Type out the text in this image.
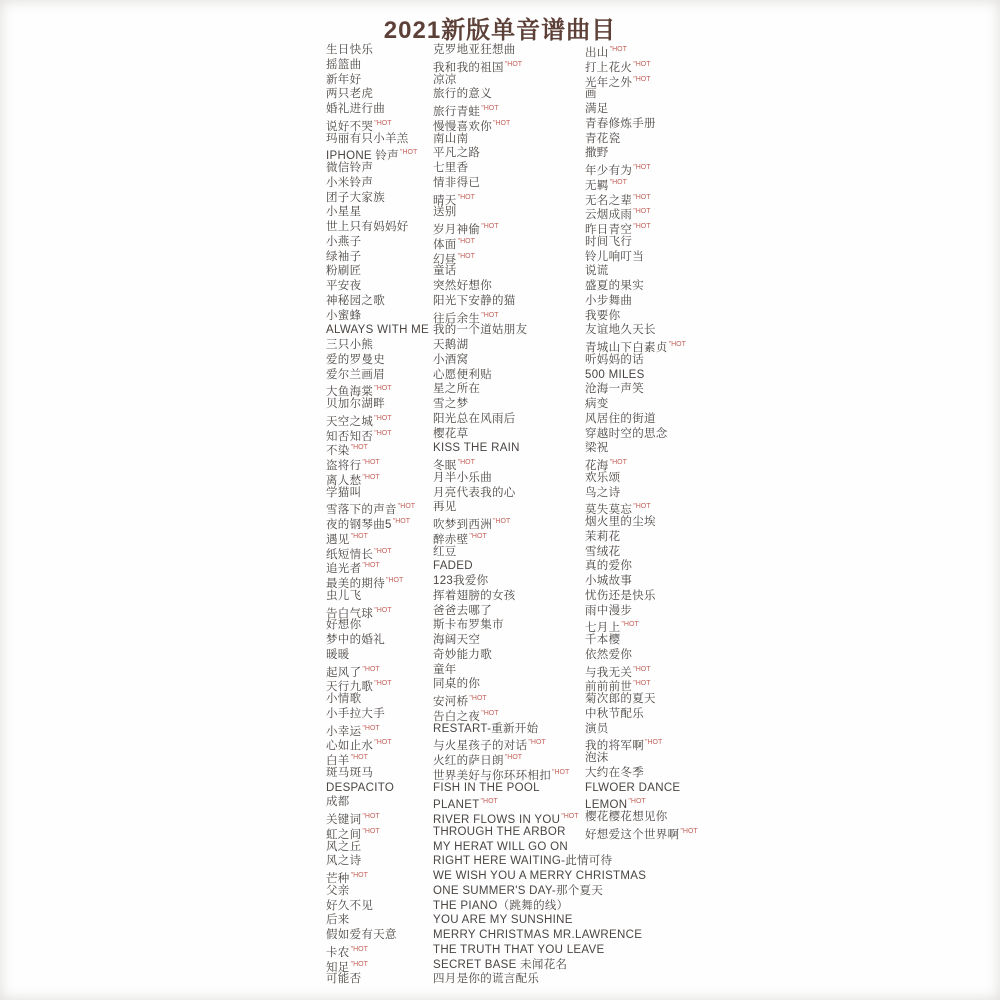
2021新版单音谱曲目
生日快乐
摇篮曲
新年好
两只老虎
婚礼进行曲
说好不哭$^{"HOT}$
玛丽有只小羊羔
IPHONE 铃声$^{"HOT}$
微信铃声
小米铃声
团子大家族
小星星
世上只有妈妈好
小燕子
绿袖子
粉刷匠
平安夜
神秘园之歌
小蜜蜂
ALWAYS WITH ME
三只小熊
爱的罗曼史
爱尔兰画眉
大鱼海棠$^{"HOT}$
贝加尔湖畔
天空之城$^{"HOT}$
知否知否$^{"HOT}$
不染$^{"HOT}$
盗将行$^{"HOT}$
离人愁$^{"HOT}$
学猫叫
雪落下的声音$^{"HOT}$
夜的钢琴曲$5^{"HOT}$
遇见$^{"HOT}$
纸短情长$^{"HOT}$
追光者$^{"HOT}$
最美的期待$^{"HOT}$
虫儿飞
告白气球$^{"HOT}$
好想你
梦中的婚礼
暖暖
起风了$^{"HOT}$
天行九歌$^{"HOT}$
小情歌
小手拉大手
小幸运$^{"HOT}$
心如止水$^{"HOT}$
白羊$^{"HOT}$
斑马斑马
DESPACITO
成都
关键词$^{"HOT}$
虹之间$^{"HOT}$
风之丘
风之诗
芒种$^{"HOT}$
父亲
好久不见
后来
假如爱有天意
卡农$^{"HOT}$
知足$^{"HOT}$
可能否
克罗地亚狂想曲
我和我的祖国$^{"HOT}$
凉凉
旅行的意义
旅行青蛙$^{"HOT}$
慢慢喜欢你$^{"HOT}$
南山南
平凡之路
七里香
情非得已
晴天$^{"HOT}$
送别
岁月神偷$^{"HOT}$
体面$^{"HOT}$
幻昼$^{"HOT}$
童话
突然好想你
阳光下安静的猫
往后余生$^{"HOT}$
我的一个道姑朋友
天鹅湖
小酒窝
心愿便利贴
星之所在
雪之梦
阳光总在风雨后
樱花草
KISS THE RAIN
冬眠$^{"HOT}$
月半小乐曲
月亮代表我的心
再见
吹梦到西洲$^{"HOT}$
醉赤壁$^{"HOT}$
红豆
FADED
123我爱你
挥着翅膀的女孩
爸爸去哪了
斯卡布罗集市
海阔天空
奇妙能力歌
童年
同桌的你
安河桥$^{"HOT}$
告白之夜$^{"HOT}$
RESTART-重新开始
与火星孩子的对话$^{"HOT}$
火红的萨日朗$^{"HOT}$
世界美好与你环环相扣$^{"HOT}$
FISH IN THE POOL
$PLANET^{"HOT}$
RIVER FLOWS IN $YOU^{"HOT}$
THROUGH THE ARBOR
MY HERAT WILL GO ON
RIGHT HERE WAITING-此情可待
WE WISH YOU A MERRY CHRISTMAS
ONE SUMMER'S DAY-那个夏天
THE PIANO（跳舞的线）
YOU ARE MY SUNSHINE
MERRY CHRISTMAS MR.LAWRENCE
THE TRUTH THAT YOU LEAVE
SECRET BASE 未闻花名
四月是你的谎言配乐
出山$^{"HOT}$
打上花火$^{"HOT}$
光年之外$^{"HOT}$
画
满足
青春修炼手册
青花瓷
撒野
年少有为$^{"HOT}$
无羁$^{"HOT}$
无名之辈$^{"HOT}$
云烟成雨$^{"HOT}$
昨日青空$^{"HOT}$
时间飞行
铃儿响叮当
说谎
盛夏的果实
小步舞曲
我要你
友谊地久天长
青城山下白素贞$^{"HOT}$
听妈妈的话
500 MILES
沧海一声笑
病变
风居住的街道
穿越时空的思念
梁祝
花海$^{"HOT}$
欢乐颂
鸟之诗
莫失莫忘$^{"HOT}$
烟火里的尘埃
茉莉花
雪绒花
真的爱你
小城故事
忧伤还是快乐
雨中漫步
七月上$^{"HOT}$
千本樱
依然爱你
与我无关$^{"HOT}$
前前前世$^{"HOT}$
菊次郎的夏天
中秋节配乐
演员
我的将军啊$^{"HOT}$
泡沫
大约在冬季
FLWOER DANCE
$LEMON^{"HOT}$
樱花樱花想见你
好想爱这个世界啊$^{"HOT}$
